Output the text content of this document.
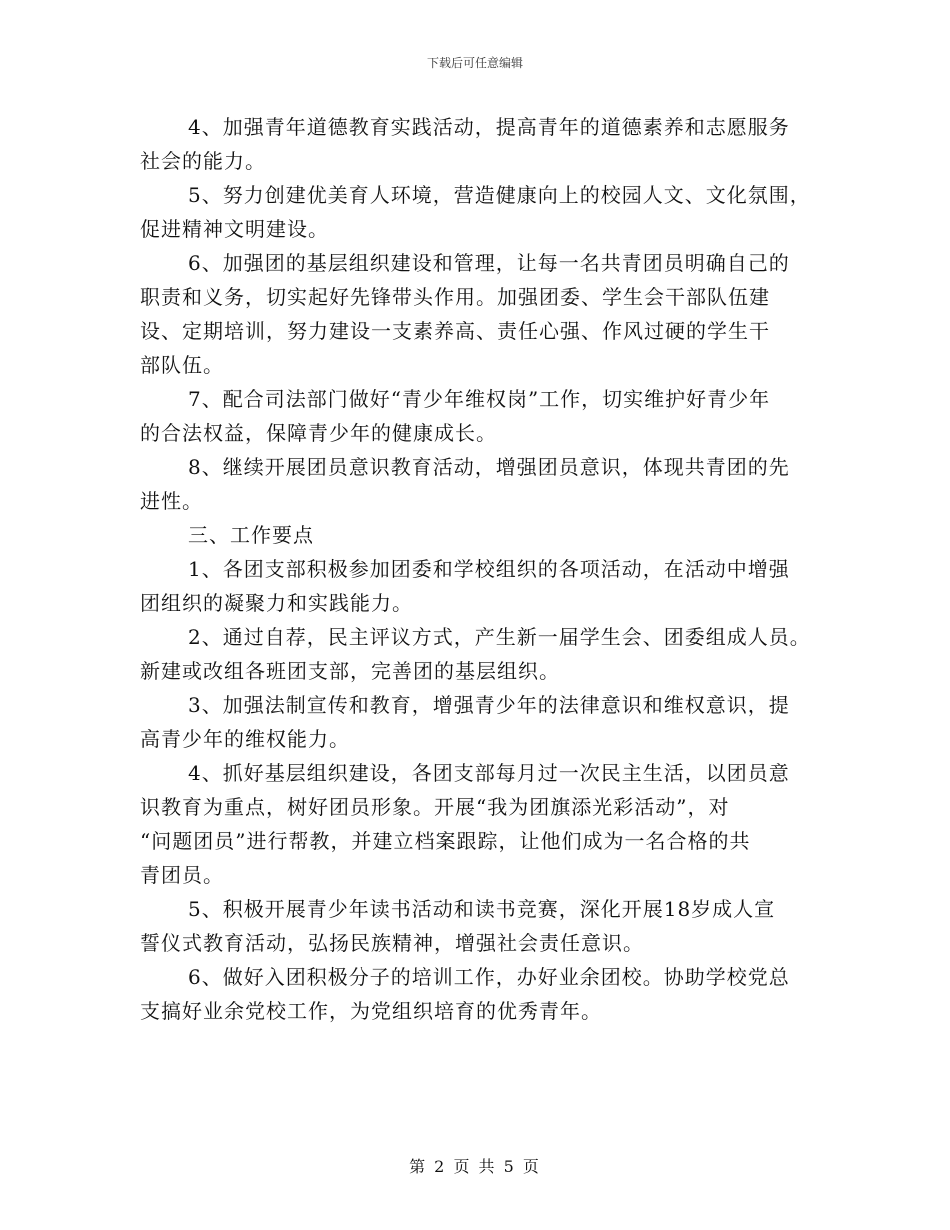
下载后可任意编辑
4、加强青年道德教育实践活动，提高青年的道德素养和志愿服务
社会的能力。
5、努力创建优美育人环境，营造健康向上的校园人文、文化氛围，
促进精神文明建设。
6、加强团的基层组织建设和管理，让每一名共青团员明确自己的
职责和义务，切实起好先锋带头作用。加强团委、学生会干部队伍建
设、定期培训，努力建设一支素养高、责任心强、作风过硬的学生干
部队伍。
7、配合司法部门做好“青少年维权岗”工作，切实维护好青少年
的合法权益，保障青少年的健康成长。
8、继续开展团员意识教育活动，增强团员意识，体现共青团的先
进性。
三、工作要点
1、各团支部积极参加团委和学校组织的各项活动，在活动中增强
团组织的凝聚力和实践能力。
2、通过自荐，民主评议方式，产生新一届学生会、团委组成人员。
新建或改组各班团支部，完善团的基层组织。
3、加强法制宣传和教育，增强青少年的法律意识和维权意识，提
高青少年的维权能力。
4、抓好基层组织建设，各团支部每月过一次民主生活，以团员意
识教育为重点，树好团员形象。开展“我为团旗添光彩活动”，对
“问题团员”进行帮教，并建立档案跟踪，让他们成为一名合格的共
青团员。
5、积极开展青少年读书活动和读书竞赛，深化开展18岁成人宣
誓仪式教育活动，弘扬民族精神，增强社会责任意识。
6、做好入团积极分子的培训工作，办好业余团校。协助学校党总
支搞好业余党校工作，为党组织培育的优秀青年。
第 2 页 共 5 页
